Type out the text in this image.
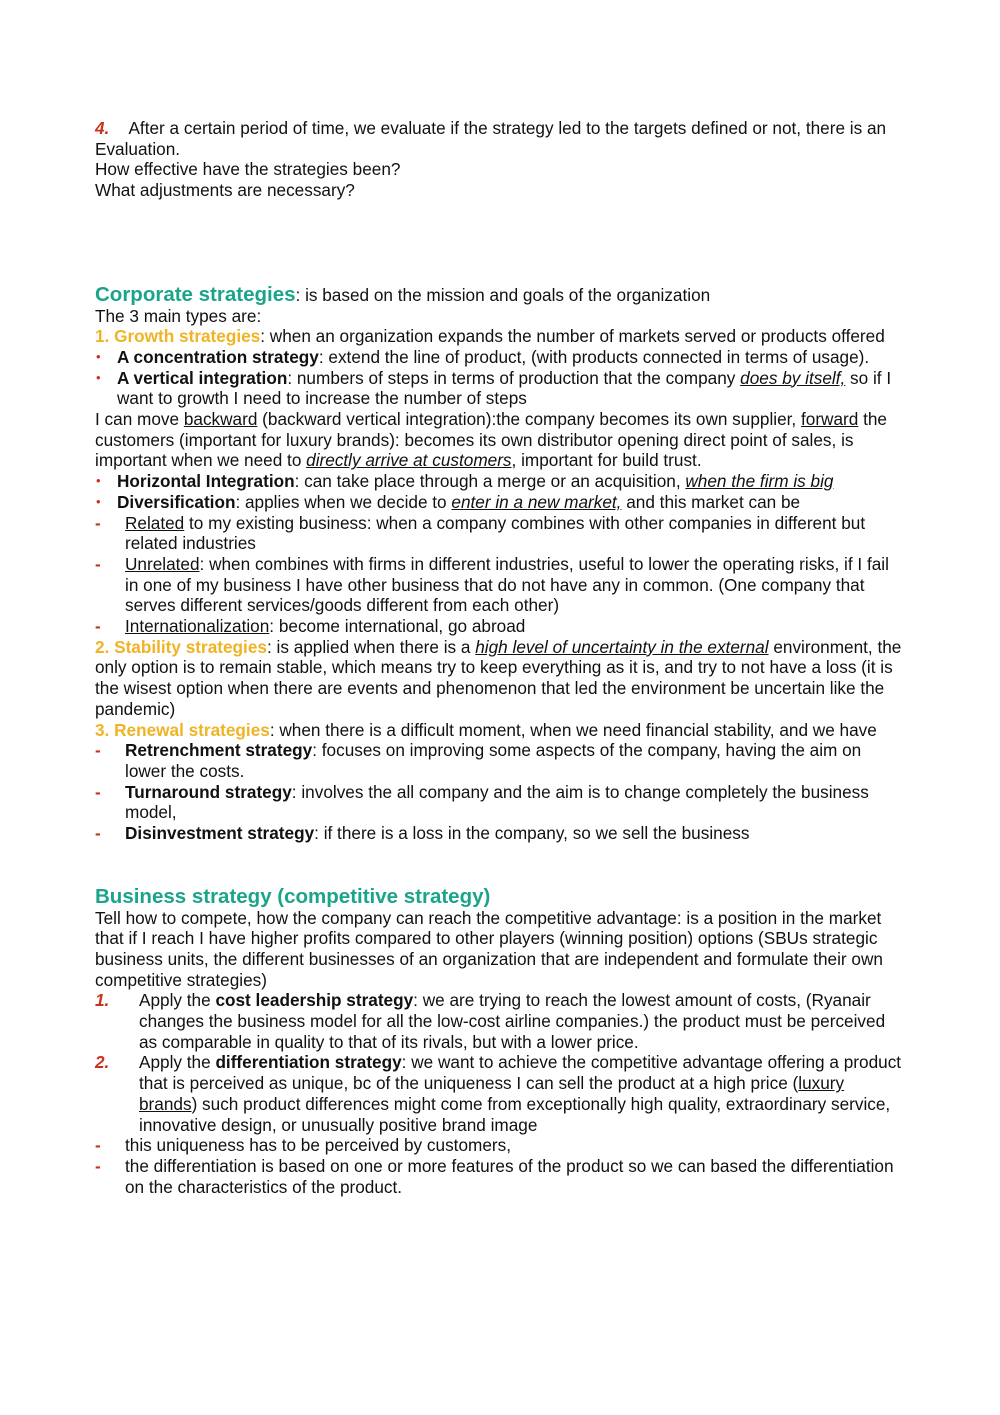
4. After a certain period of time, we evaluate if the strategy led to the targets defined or not, there is an Evaluation.

How effective have the strategies been?

What adjustments are necessary?

Corporate strategies: is based on the mission and goals of the organization

The 3 main types are:

1. Growth strategies: when an organization expands the number of markets served or products offered

• A concentration strategy: extend the line of product, (with products connected in terms of usage).

• A vertical integration: numbers of steps in terms of production that the company does by itself, so if I want to growth I need to increase the number of steps

I can move backward (backward vertical integration):the company becomes its own supplier, forward the customers (important for luxury brands): becomes its own distributor opening direct point of sales, is important when we need to directly arrive at customers, important for build trust.

• Horizontal Integration: can take place through a merge or an acquisition, when the firm is big

• Diversification: applies when we decide to enter in a new market, and this market can be

- Related to my existing business: when a company combines with other companies in different but related industries

- Unrelated: when combines with firms in different industries, useful to lower the operating risks, if I fail in one of my business I have other business that do not have any in common. (One company that serves different services/goods different from each other)

- Internationalization: become international, go abroad

2. Stability strategies: is applied when there is a high level of uncertainty in the external environment, the only option is to remain stable, which means try to keep everything as it is, and try to not have a loss (it is the wisest option when there are events and phenomenon that led the environment be uncertain like the pandemic)

3. Renewal strategies: when there is a difficult moment, when we need financial stability, and we have

- Retrenchment strategy: focuses on improving some aspects of the company, having the aim on lower the costs.

- Turnaround strategy: involves the all company and the aim is to change completely the business model,

- Disinvestment strategy: if there is a loss in the company, so we sell the business

Business strategy (competitive strategy)

Tell how to compete, how the company can reach the competitive advantage: is a position in the market that if I reach I have higher profits compared to other players (winning position) options (SBUs strategic business units, the different businesses of an organization that are independent and formulate their own competitive strategies)

1. Apply the cost leadership strategy: we are trying to reach the lowest amount of costs, (Ryanair changes the business model for all the low-cost airline companies.) the product must be perceived as comparable in quality to that of its rivals, but with a lower price.

2. Apply the differentiation strategy: we want to achieve the competitive advantage offering a product that is perceived as unique, bc of the uniqueness I can sell the product at a high price (luxury brands) such product differences might come from exceptionally high quality, extraordinary service, innovative design, or unusually positive brand image

- this uniqueness has to be perceived by customers,

- the differentiation is based on one or more features of the product so we can based the differentiation on the characteristics of the product.
